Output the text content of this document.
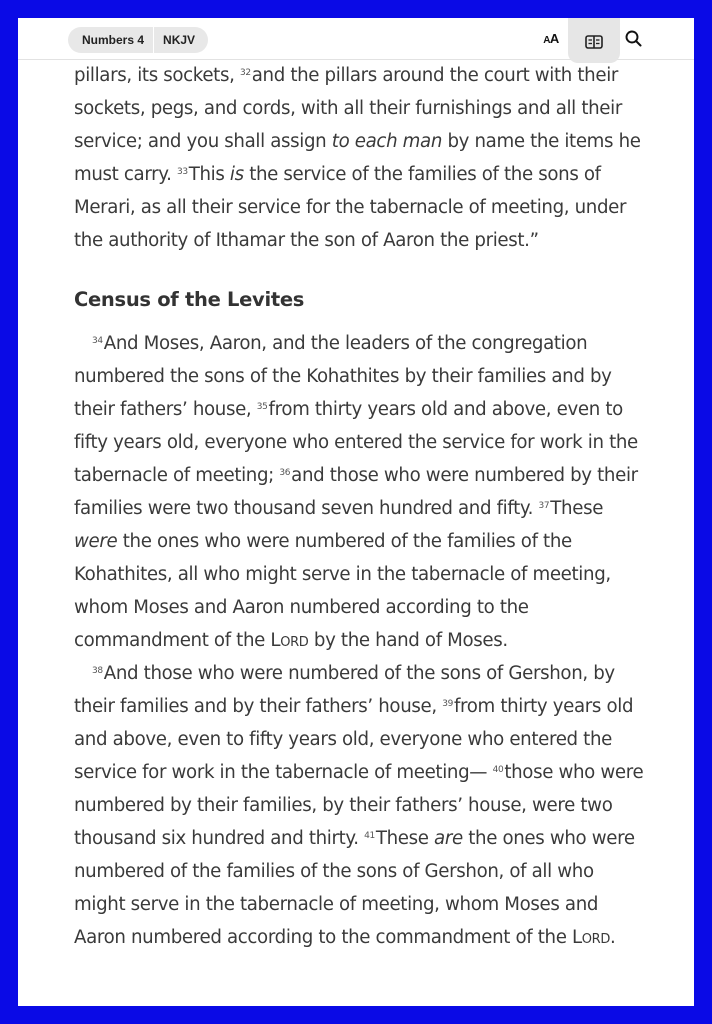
Numbers 4	NKJV	AA

pillars, its sockets, $^{32}$and the pillars around the court with their sockets, pegs, and cords, with all their furnishings and all their service; and you shall assign to each man by name the items he must carry. $^{33}$This is the service of the families of the sons of Merari, as all their service for the tabernacle of meeting, under the authority of Ithamar the son of Aaron the priest.”

Census of the Levites

$^{34}$And Moses, Aaron, and the leaders of the congregation numbered the sons of the Kohathites by their families and by their fathers’ house, $^{35}$from thirty years old and above, even to fifty years old, everyone who entered the service for work in the tabernacle of meeting; $^{36}$and those who were numbered by their families were two thousand seven hundred and fifty. $^{37}$These were the ones who were numbered of the families of the Kohathites, all who might serve in the tabernacle of meeting, whom Moses and Aaron numbered according to the commandment of the Lord by the hand of Moses.

$^{38}$And those who were numbered of the sons of Gershon, by their families and by their fathers’ house, $^{39}$from thirty years old and above, even to fifty years old, everyone who entered the service for work in the tabernacle of meeting— $^{40}$those who were numbered by their families, by their fathers’ house, were two thousand six hundred and thirty. $^{41}$These are the ones who were numbered of the families of the sons of Gershon, of all who might serve in the tabernacle of meeting, whom Moses and Aaron numbered according to the commandment of the Lord.
